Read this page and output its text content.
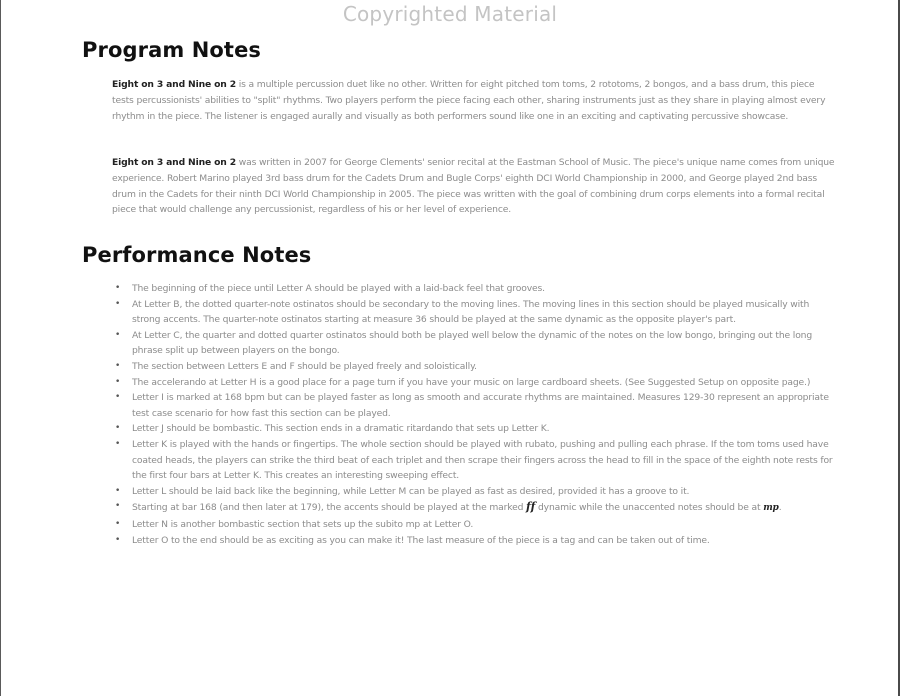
Copyrighted Material
Program Notes

Eight on 3 and Nine on 2 is a multiple percussion duet like no other. Written for eight pitched tom toms, 2 rototoms, 2 bongos, and a bass drum, this piece tests percussionists' abilities to "split" rhythms. Two players perform the piece facing each other, sharing instruments just as they share in playing almost every rhythm in the piece. The listener is engaged aurally and visually as both performers sound like one in an exciting and captivating percussive showcase.

Eight on 3 and Nine on 2 was written in 2007 for George Clements' senior recital at the Eastman School of Music. The piece's unique name comes from unique experience. Robert Marino played 3rd bass drum for the Cadets Drum and Bugle Corps' eighth DCI World Championship in 2000, and George played 2nd bass drum in the Cadets for their ninth DCI World Championship in 2005. The piece was written with the goal of combining drum corps elements into a formal recital piece that would challenge any percussionist, regardless of his or her level of experience.

Performance Notes
• The beginning of the piece until Letter A should be played with a laid-back feel that grooves.
• At Letter B, the dotted quarter-note ostinatos should be secondary to the moving lines. The moving lines in this section should be played musically with strong accents. The quarter-note ostinatos starting at measure 36 should be played at the same dynamic as the opposite player's part.
• At Letter C, the quarter and dotted quarter ostinatos should both be played well below the dynamic of the notes on the low bongo, bringing out the long phrase split up between players on the bongo.
• The section between Letters E and F should be played freely and soloistically.
• The accelerando at Letter H is a good place for a page turn if you have your music on large cardboard sheets. (See Suggested Setup on opposite page.)
• Letter I is marked at 168 bpm but can be played faster as long as smooth and accurate rhythms are maintained. Measures 129-30 represent an appropriate test case scenario for how fast this section can be played.
• Letter J should be bombastic. This section ends in a dramatic ritardando that sets up Letter K.
• Letter K is played with the hands or fingertips. The whole section should be played with rubato, pushing and pulling each phrase. If the tom toms used have coated heads, the players can strike the third beat of each triplet and then scrape their fingers across the head to fill in the space of the eighth note rests for the first four bars at Letter K. This creates an interesting sweeping effect.
• Letter L should be laid back like the beginning, while Letter M can be played as fast as desired, provided it has a groove to it.
• Starting at bar 168 (and then later at 179), the accents should be played at the marked ff dynamic while the unaccented notes should be at mp.
• Letter N is another bombastic section that sets up the subito mp at Letter O.
• Letter O to the end should be as exciting as you can make it! The last measure of the piece is a tag and can be taken out of time.
